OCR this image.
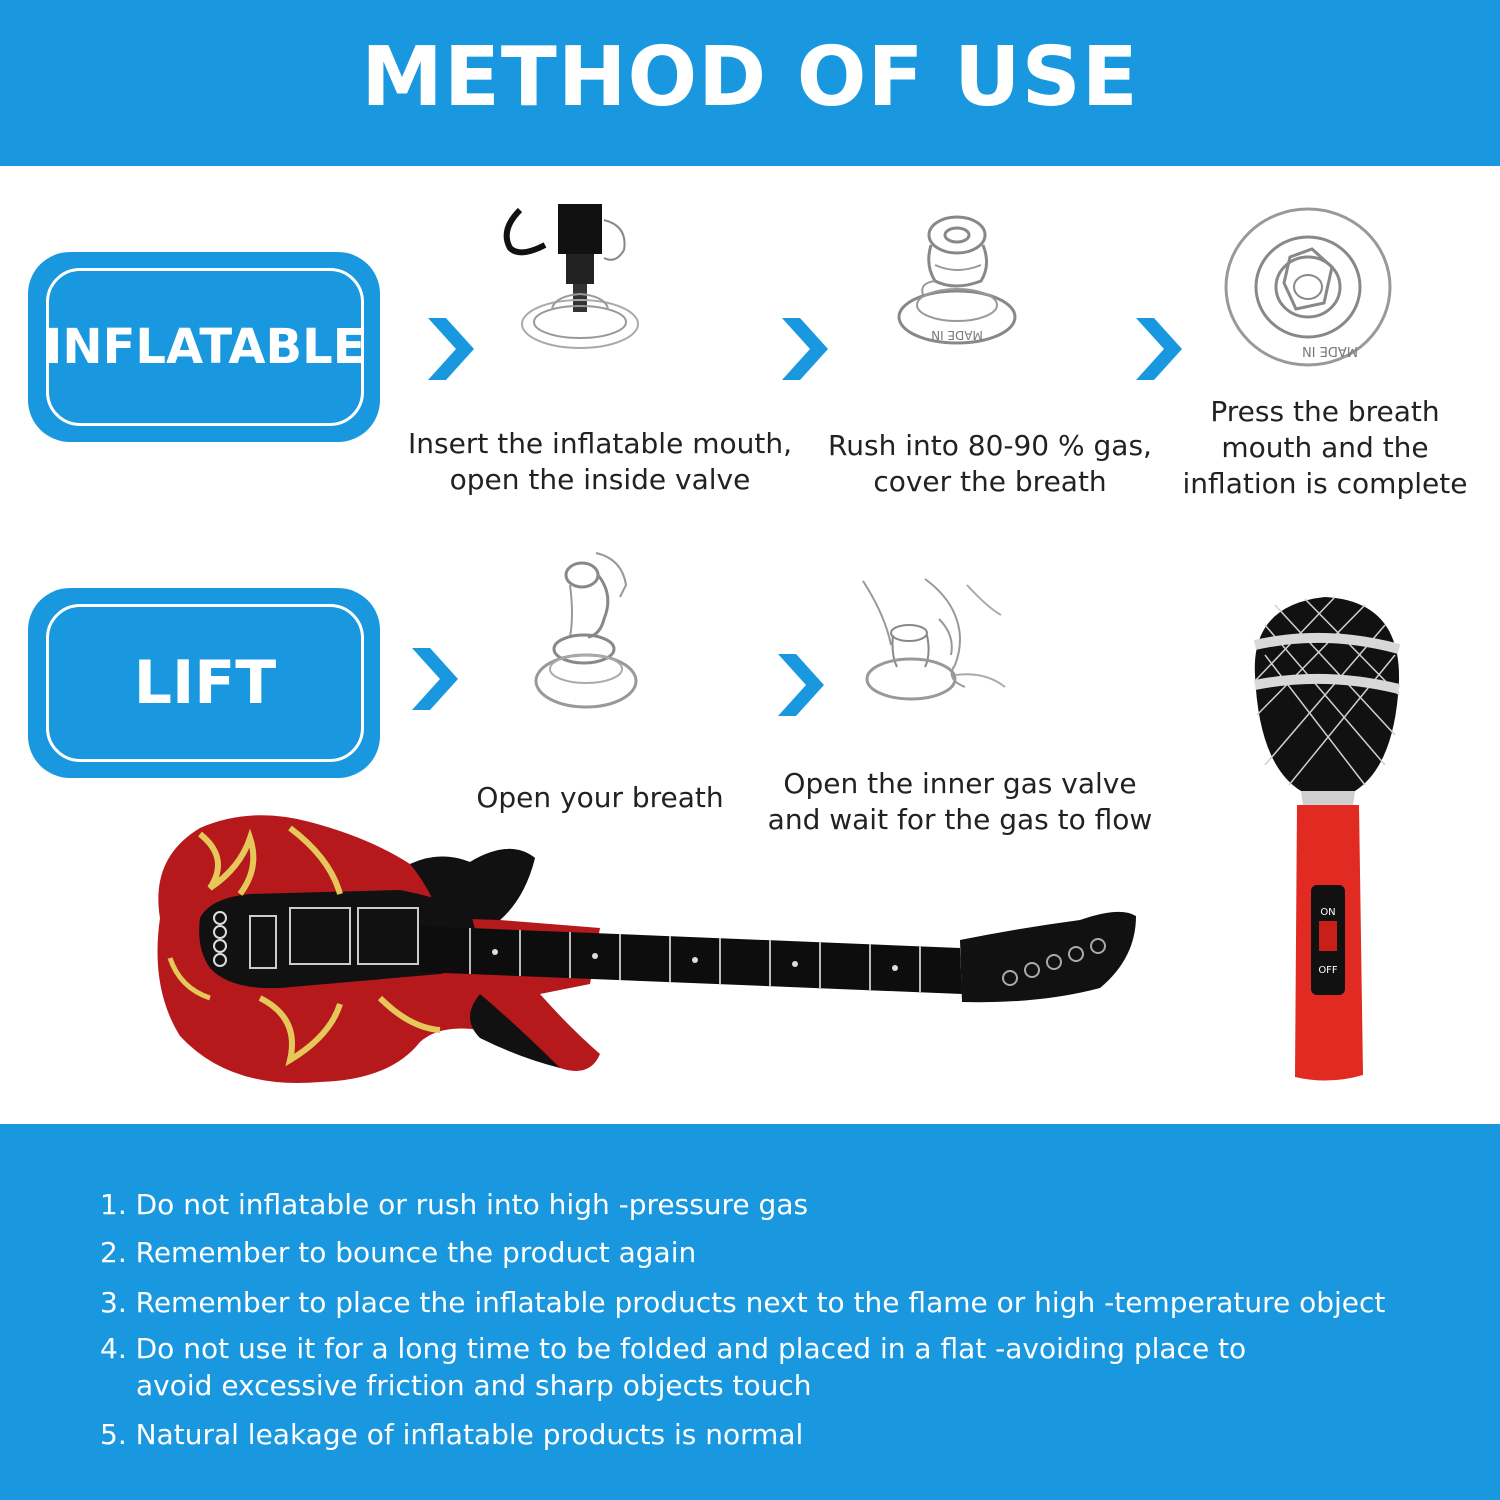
METHOD OF USE
INFLATABLE
LIFT
MADE IN
MADE IN
Insert the inflatable mouth,
open the inside valve
Rush into 80-90 % gas,
cover the breath
Press the breath
mouth and the
inflation is complete
Open your breath	Open the inner gas valve
and wait for the gas to flow
ON
OFF
1. Do not inflatable or rush into high -pressure gas
2. Remember to bounce the product again
3. Remember to place the inflatable products next to the flame or high -temperature object
4. Do not use it for a long time to be folded and placed in a flat -avoiding place to
avoid excessive friction and sharp objects touch
5. Natural leakage of inflatable products is normal
